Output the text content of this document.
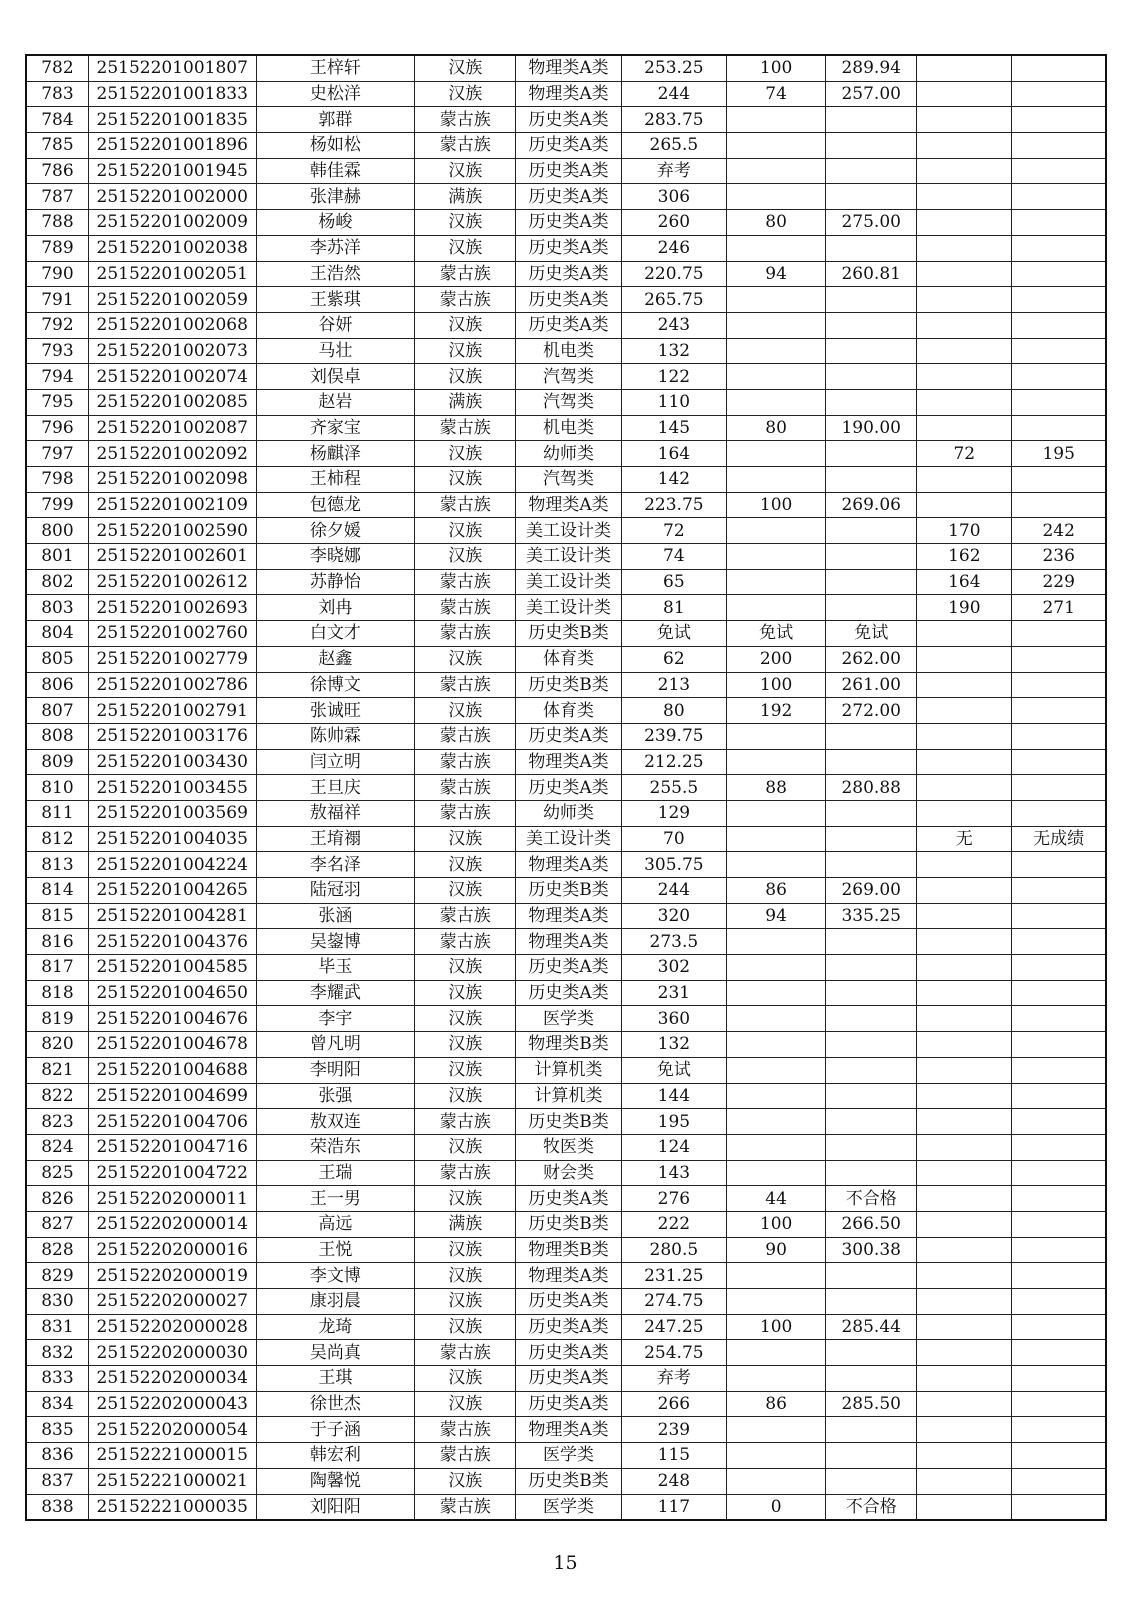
782	25152201001807	王梓轩	汉族	物理类A类	253.25	100	289.94		
783	25152201001833	史松洋	汉族	物理类A类	244	74	257.00		
784	25152201001835	郭群	蒙古族	历史类A类	283.75				
785	25152201001896	杨如松	蒙古族	历史类A类	265.5				
786	25152201001945	韩佳霖	汉族	历史类A类	弃考				
787	25152201002000	张津赫	满族	历史类A类	306				
788	25152201002009	杨峻	汉族	历史类A类	260	80	275.00		
789	25152201002038	李苏洋	汉族	历史类A类	246				
790	25152201002051	王浩然	蒙古族	历史类A类	220.75	94	260.81		
791	25152201002059	王紫琪	蒙古族	历史类A类	265.75				
792	25152201002068	谷妍	汉族	历史类A类	243				
793	25152201002073	马壮	汉族	机电类	132				
794	25152201002074	刘俣卓	汉族	汽驾类	122				
795	25152201002085	赵岩	满族	汽驾类	110				
796	25152201002087	齐家宝	蒙古族	机电类	145	80	190.00		
797	25152201002092	杨麒泽	汉族	幼师类	164			72	195
798	25152201002098	王柿程	汉族	汽驾类	142				
799	25152201002109	包德龙	蒙古族	物理类A类	223.75	100	269.06		
800	25152201002590	徐夕媛	汉族	美工设计类	72			170	242
801	25152201002601	李晓娜	汉族	美工设计类	74			162	236
802	25152201002612	苏静怡	蒙古族	美工设计类	65			164	229
803	25152201002693	刘冉	蒙古族	美工设计类	81			190	271
804	25152201002760	白文才	蒙古族	历史类B类	免试	免试	免试		
805	25152201002779	赵鑫	汉族	体育类	62	200	262.00		
806	25152201002786	徐博文	蒙古族	历史类B类	213	100	261.00		
807	25152201002791	张诚旺	汉族	体育类	80	192	272.00		
808	25152201003176	陈帅霖	蒙古族	历史类A类	239.75				
809	25152201003430	闫立明	蒙古族	物理类A类	212.25				
810	25152201003455	王旦庆	蒙古族	历史类A类	255.5	88	280.88		
811	25152201003569	敖福祥	蒙古族	幼师类	129				
812	25152201004035	王堉禤	汉族	美工设计类	70			无	无成绩
813	25152201004224	李名泽	汉族	物理类A类	305.75				
814	25152201004265	陆冠羽	汉族	历史类B类	244	86	269.00		
815	25152201004281	张涵	蒙古族	物理类A类	320	94	335.25		
816	25152201004376	吴鋆博	蒙古族	物理类A类	273.5				
817	25152201004585	毕玉	汉族	历史类A类	302				
818	25152201004650	李耀武	汉族	历史类A类	231				
819	25152201004676	李宇	汉族	医学类	360				
820	25152201004678	曾凡明	汉族	物理类B类	132				
821	25152201004688	李明阳	汉族	计算机类	免试				
822	25152201004699	张强	汉族	计算机类	144				
823	25152201004706	敖双连	蒙古族	历史类B类	195				
824	25152201004716	荣浩东	汉族	牧医类	124				
825	25152201004722	王瑞	蒙古族	财会类	143				
826	25152202000011	王一男	汉族	历史类A类	276	44	不合格		
827	25152202000014	高远	满族	历史类B类	222	100	266.50		
828	25152202000016	王悦	汉族	物理类B类	280.5	90	300.38		
829	25152202000019	李文博	汉族	物理类A类	231.25				
830	25152202000027	康羽晨	汉族	历史类A类	274.75				
831	25152202000028	龙琦	汉族	历史类A类	247.25	100	285.44		
832	25152202000030	吴尚真	蒙古族	历史类A类	254.75				
833	25152202000034	王琪	汉族	历史类A类	弃考				
834	25152202000043	徐世杰	汉族	历史类A类	266	86	285.50		
835	25152202000054	于子涵	蒙古族	物理类A类	239				
836	25152221000015	韩宏利	蒙古族	医学类	115				
837	25152221000021	陶馨悦	汉族	历史类B类	248				
838	25152221000035	刘阳阳	蒙古族	医学类	117	0	不合格		
15
